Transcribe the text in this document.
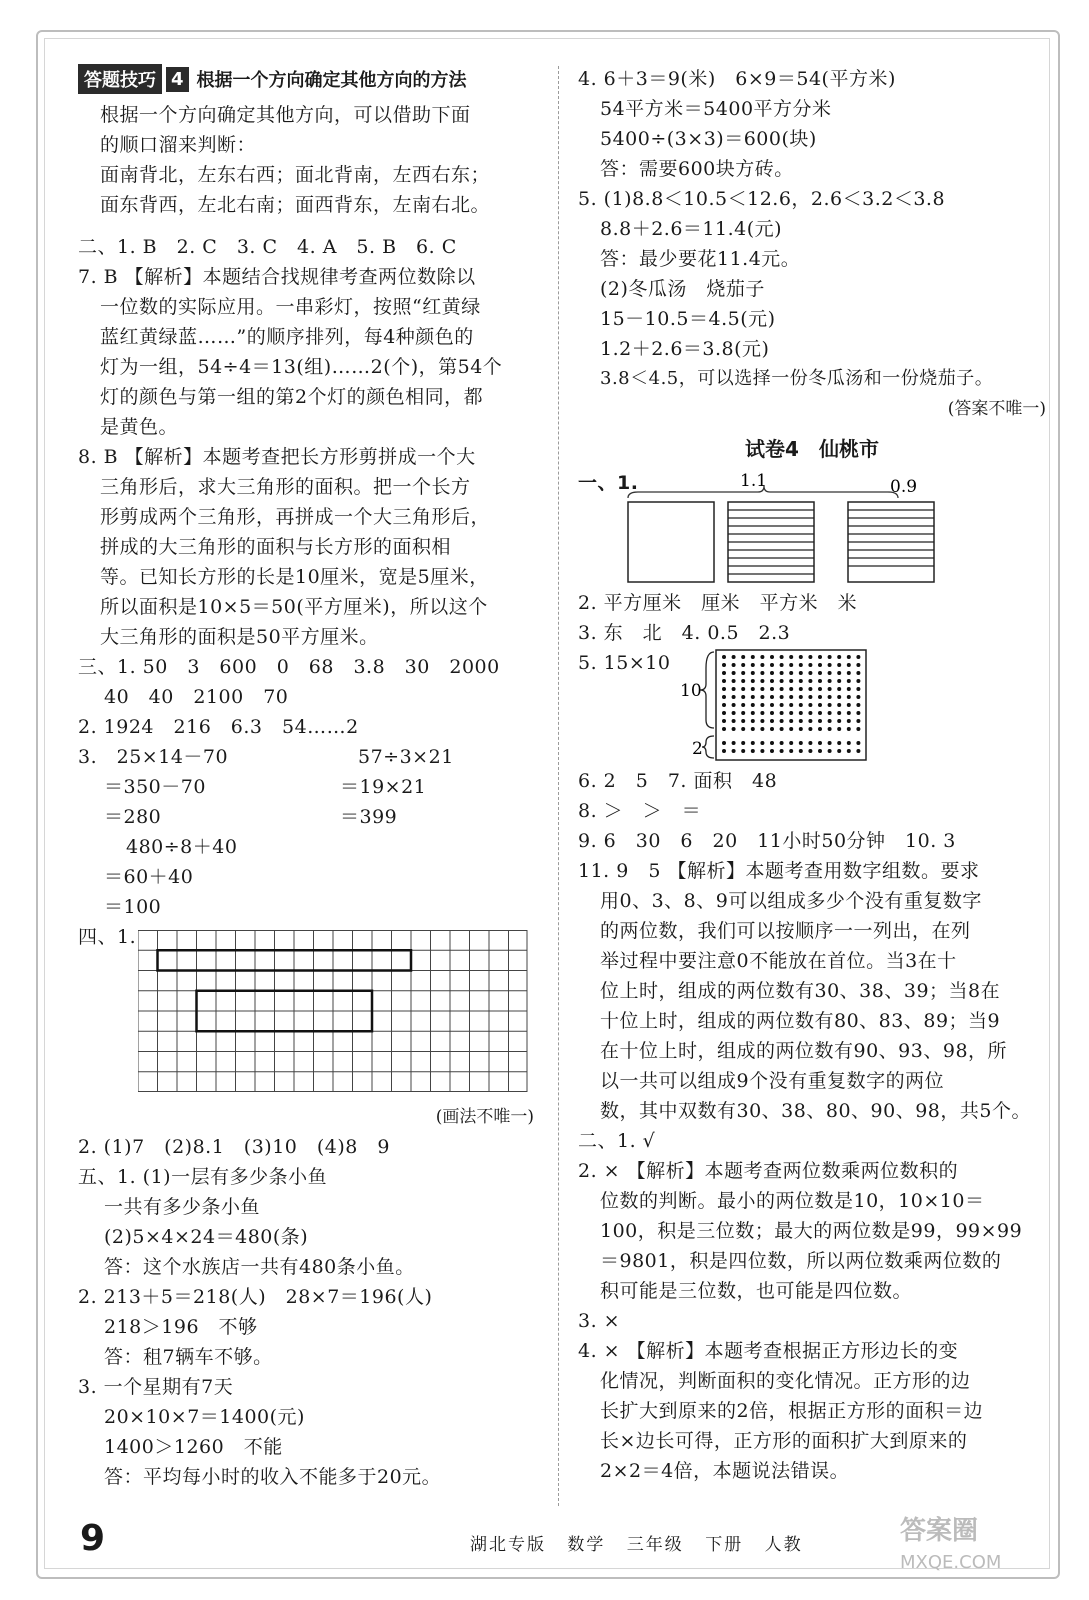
答题技巧 4 根据一个方向确定其他方向的方法
根据一个方向确定其他方向，可以借助下面
的顺口溜来判断：
面南背北，左东右西；面北背南，左西右东；
面东背西，左北右南；面西背东，左南右北。
二、1. B　2. C　3. C　4. A　5. B　6. C
7. B 【解析】本题结合找规律考查两位数除以
一位数的实际应用。一串彩灯，按照“红黄绿
蓝红黄绿蓝……”的顺序排列，每4种颜色的
灯为一组，54÷4＝13(组)……2(个)，第54个
灯的颜色与第一组的第2个灯的颜色相同，都
是黄色。
8. B 【解析】本题考查把长方形剪拼成一个大
三角形后，求大三角形的面积。把一个长方
形剪成两个三角形，再拼成一个大三角形后，
拼成的大三角形的面积与长方形的面积相
等。已知长方形的长是10厘米，宽是5厘米，
所以面积是10×5＝50(平方厘米)，所以这个
大三角形的面积是50平方厘米。
三、1. 50　3　600　0　68　3.8　30　2000
40　40　2100　70
2. 1924　216　6.3　54……2
3.　25×14－70	57÷3×21
＝350－70	＝19×21
＝280	＝399
480÷8＋40
＝60＋40
＝100
四、1.
(画法不唯一)
2. (1)7　(2)8.1　(3)10　(4)8　9
五、1. (1)一层有多少条小鱼
一共有多少条小鱼
(2)5×4×24＝480(条)
答：这个水族店一共有480条小鱼。
2. 213＋5＝218(人)　28×7＝196(人)
218＞196　不够
答：租7辆车不够。
3. 一个星期有7天
20×10×7＝1400(元)
1400＞1260　不能
答：平均每小时的收入不能多于20元。
4. 6＋3＝9(米)　6×9＝54(平方米)
54平方米＝5400平方分米
5400÷(3×3)＝600(块)
答：需要600块方砖。
5. (1)8.8＜10.5＜12.6，2.6＜3.2＜3.8
8.8＋2.6＝11.4(元)
答：最少要花11.4元。
(2)冬瓜汤　烧茄子
15－10.5＝4.5(元)
1.2＋2.6＝3.8(元)
3.8＜4.5，可以选择一份冬瓜汤和一份烧茄子。
(答案不唯一)
试卷4　仙桃市
一、1.	1.1	0.9
2. 平方厘米　厘米　平方米　米
3. 东　北　4. 0.5　2.3
5. 15×10
10
2
6. 2　5　7. 面积　48
8. ＞　＞　＝
9. 6　30　6　20　11小时50分钟　10. 3
11. 9　5 【解析】本题考查用数字组数。要求
用0、3、8、9可以组成多少个没有重复数字
的两位数，我们可以按顺序一一列出，在列
举过程中要注意0不能放在首位。当3在十
位上时，组成的两位数有30、38、39；当8在
十位上时，组成的两位数有80、83、89；当9
在十位上时，组成的两位数有90、93、98，所
以一共可以组成9个没有重复数字的两位
数，其中双数有30、38、80、90、98，共5个。
二、1. √
2. × 【解析】本题考查两位数乘两位数积的
位数的判断。最小的两位数是10，10×10＝
100，积是三位数；最大的两位数是99，99×99
＝9801，积是四位数，所以两位数乘两位数的
积可能是三位数，也可能是四位数。
3. ×
4. × 【解析】本题考查根据正方形边长的变
化情况，判断面积的变化情况。正方形的边
长扩大到原来的2倍，根据正方形的面积＝边
长×边长可得，正方形的面积扩大到原来的
2×2＝4倍，本题说法错误。
9	湖北专版 数学 三年级 下册 人教	答案圈
MXQE.COM
